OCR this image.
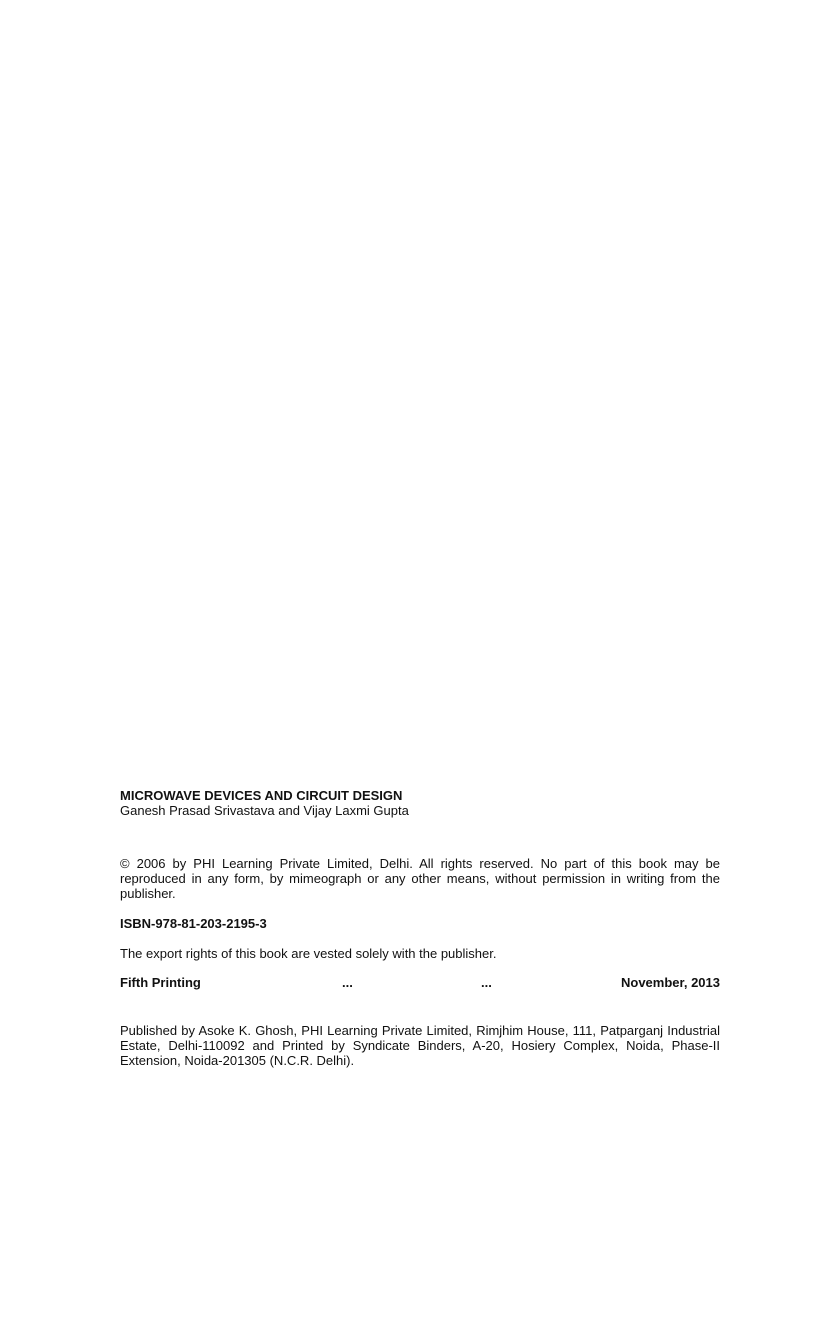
MICROWAVE DEVICES AND CIRCUIT DESIGN

Ganesh Prasad Srivastava and Vijay Laxmi Gupta

© 2006 by PHI Learning Private Limited, Delhi. All rights reserved. No part of this book may be reproduced in any form, by mimeograph or any other means, without permission in writing from the publisher.

ISBN-978-81-203-2195-3

The export rights of this book are vested solely with the publisher.

Fifth Printing	...	...	November, 2013

Published by Asoke K. Ghosh, PHI Learning Private Limited, Rimjhim House, 111, Patparganj Industrial Estate, Delhi-110092 and Printed by Syndicate Binders, A-20, Hosiery Complex, Noida, Phase-II Extension, Noida-201305 (N.C.R. Delhi).
